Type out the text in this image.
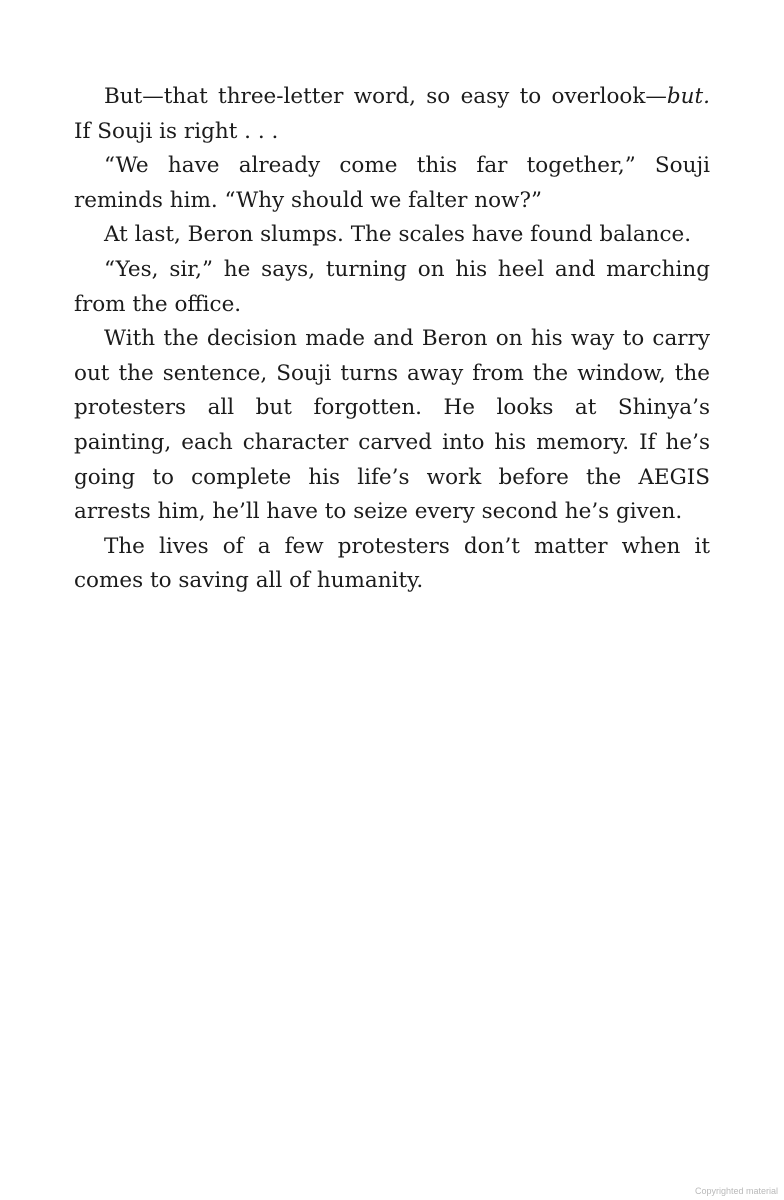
But—that three-letter word, so easy to overlook—but. If Souji is right . . .

“We have already come this far together,” Souji reminds him. “Why should we falter now?”

At last, Beron slumps. The scales have found balance.

“Yes, sir,” he says, turning on his heel and marching from the office.

With the decision made and Beron on his way to carry out the sentence, Souji turns away from the window, the protesters all but forgotten. He looks at Shinya’s painting, each character carved into his memory. If he’s going to complete his life’s work before the AEGIS arrests him, he’ll have to seize every second he’s given.

The lives of a few protesters don’t matter when it comes to saving all of humanity.

Copyrighted material
